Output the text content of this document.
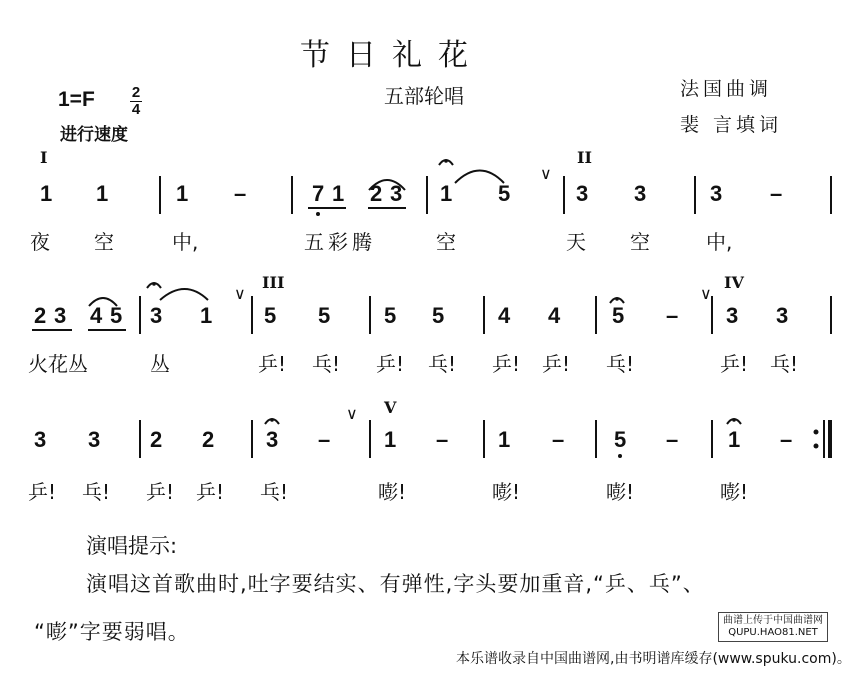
节日礼花
五部轮唱	法国曲调
裴 言填词
1=F 2
4
进行速度
I	II
III	IV
V
∨
∨	∨
∨
1 1	1 –	7 1 2 3 1 5	3 3	3 –
夜 空	中,	五彩腾	空	天 空	中,
2 3 4 5 3 1 5 5 5 5 4 4 5 – 3 3
火花丛	丛	乒! 乓! 乒! 乓! 乒! 乒! 乓!	乒! 乓!
3 3 2 2 3 – 1 – 1 – 5 – 1 –
乒! 乓! 乒! 乒! 乓!	嘭!	嘭!	嘭!	嘭!
演唱提示:
演唱这首歌曲时,吐字要结实、有弹性,字头要加重音,“乒、乓”、
“嘭”字要弱唱。	曲谱上传于中国曲谱网
QUPU.HAO81.NET
本乐谱收录自中国曲谱网,由书明谱库缓存(www.spuku.com)。
